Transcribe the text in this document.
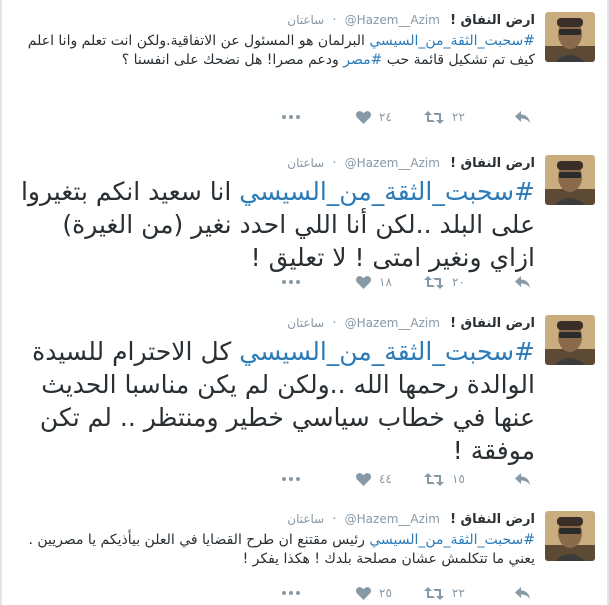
ارض النفاق ! @Hazem__Azim · ساعتان
#سحبت_الثقة_من_السيسي البرلمان هو المسئول عن الاتفاقية.ولكن انت تعلم وانا اعلم كيف تم تشكيل قائمة حب #مصر ودعم مصرا! هل نضحك على انفسنا ؟
٢٢
٢٤
ارض النفاق ! @Hazem__Azim · ساعتان
#سحبت_الثقة_من_السيسي انا سعيد انكم بتغيروا على البلد ..لكن أنا اللي احدد نغير (من الغيرة) ازاي ونغير امتى ! لا تعليق !
٢٠
١٨
ارض النفاق ! @Hazem__Azim · ساعتان
#سحبت_الثقة_من_السيسي كل الاحترام للسيدة الوالدة رحمها الله ..ولكن لم يكن مناسبا الحديث عنها في خطاب سياسي خطير ومنتظر .. لم تكن موفقة !
١٥
٤٤
ارض النفاق ! @Hazem__Azim · ساعتان
#سحبت_الثقة_من_السيسي رئيس مقتنع ان طرح القضايا في العلن بيأذيكم يا مصريين . يعني ما تتكلمش عشان مصلحة بلدك ! هكذا يفكر !
٢٢
٢٥
